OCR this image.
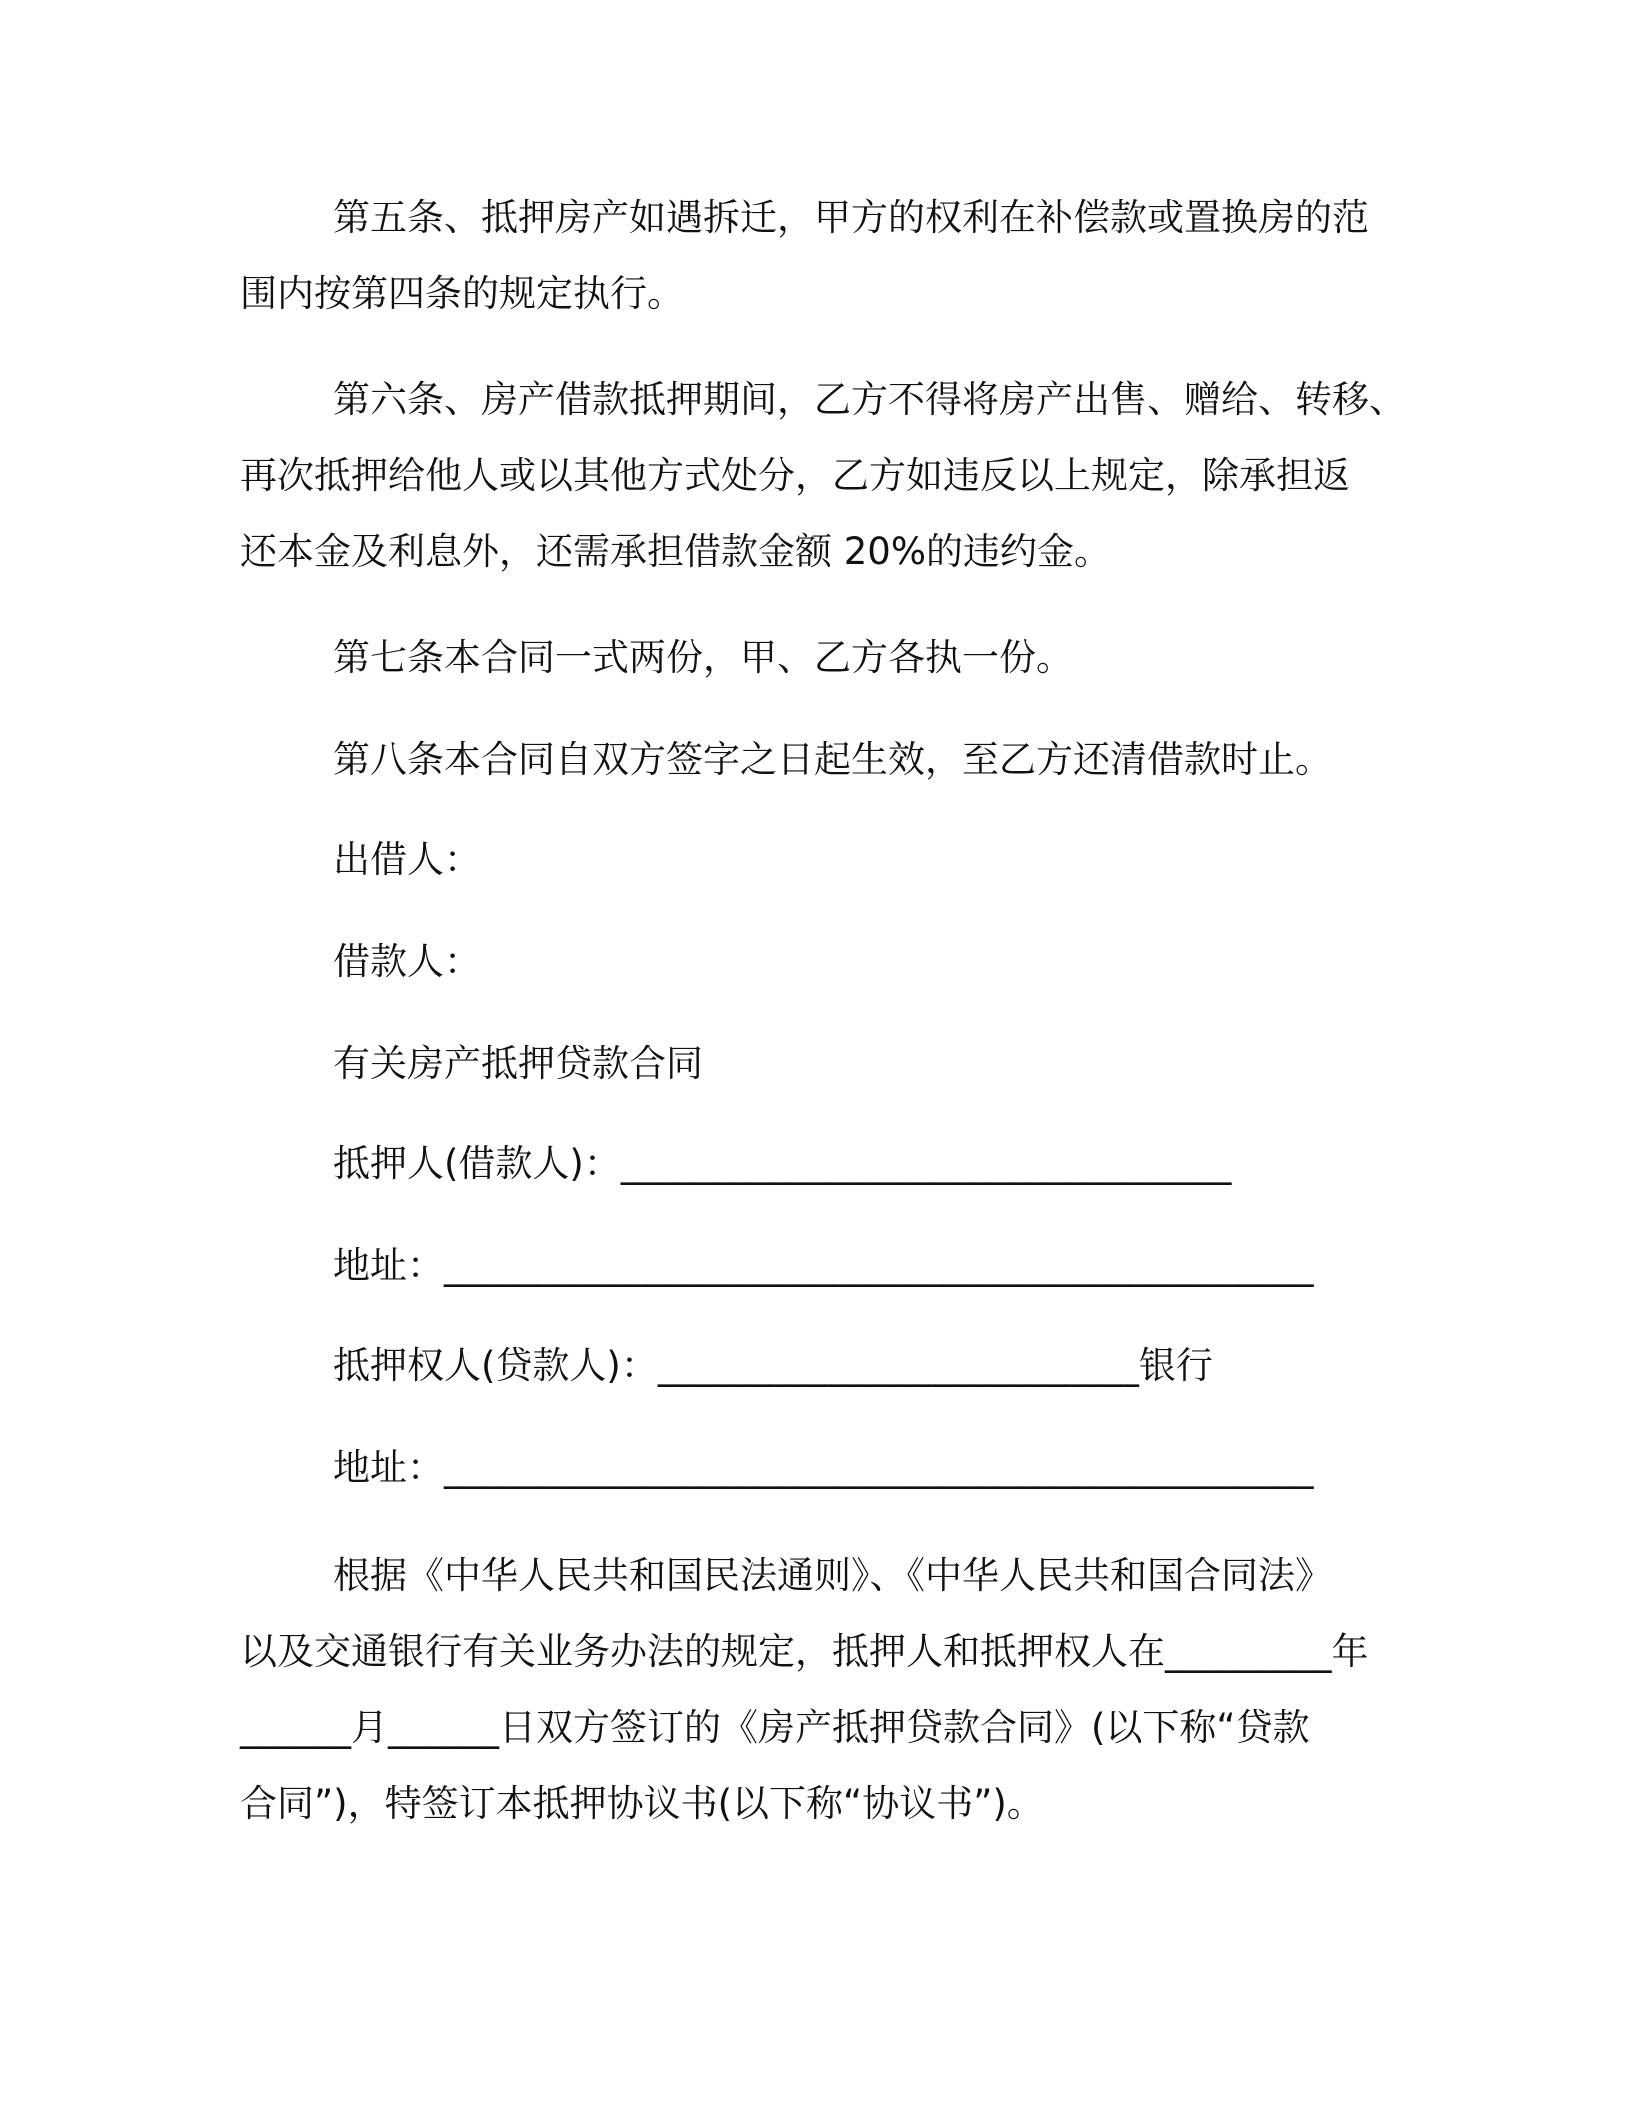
第五条、抵押房产如遇拆迁，甲方的权利在补偿款或置换房的范
围内按第四条的规定执行。
第六条、房产借款抵押期间，乙方不得将房产出售、赠给、转移、
再次抵押给他人或以其他方式处分，乙方如违反以上规定，除承担返
还本金及利息外，还需承担借款金额 20%的违约金。
第七条本合同一式两份，甲、乙方各执一份。
第八条本合同自双方签字之日起生效，至乙方还清借款时止。
出借人：
借款人：
有关房产抵押贷款合同
抵押人(借款人)：_________________________________
地址：_______________________________________________
抵押权人(贷款人)：__________________________银行
地址：_______________________________________________
根据《中华人民共和国民法通则》、《中华人民共和国合同法》
以及交通银行有关业务办法的规定，抵押人和抵押权人在_________年
______月______日双方签订的《房产抵押贷款合同》(以下称“贷款
合同”)，特签订本抵押协议书(以下称“协议书”)。
